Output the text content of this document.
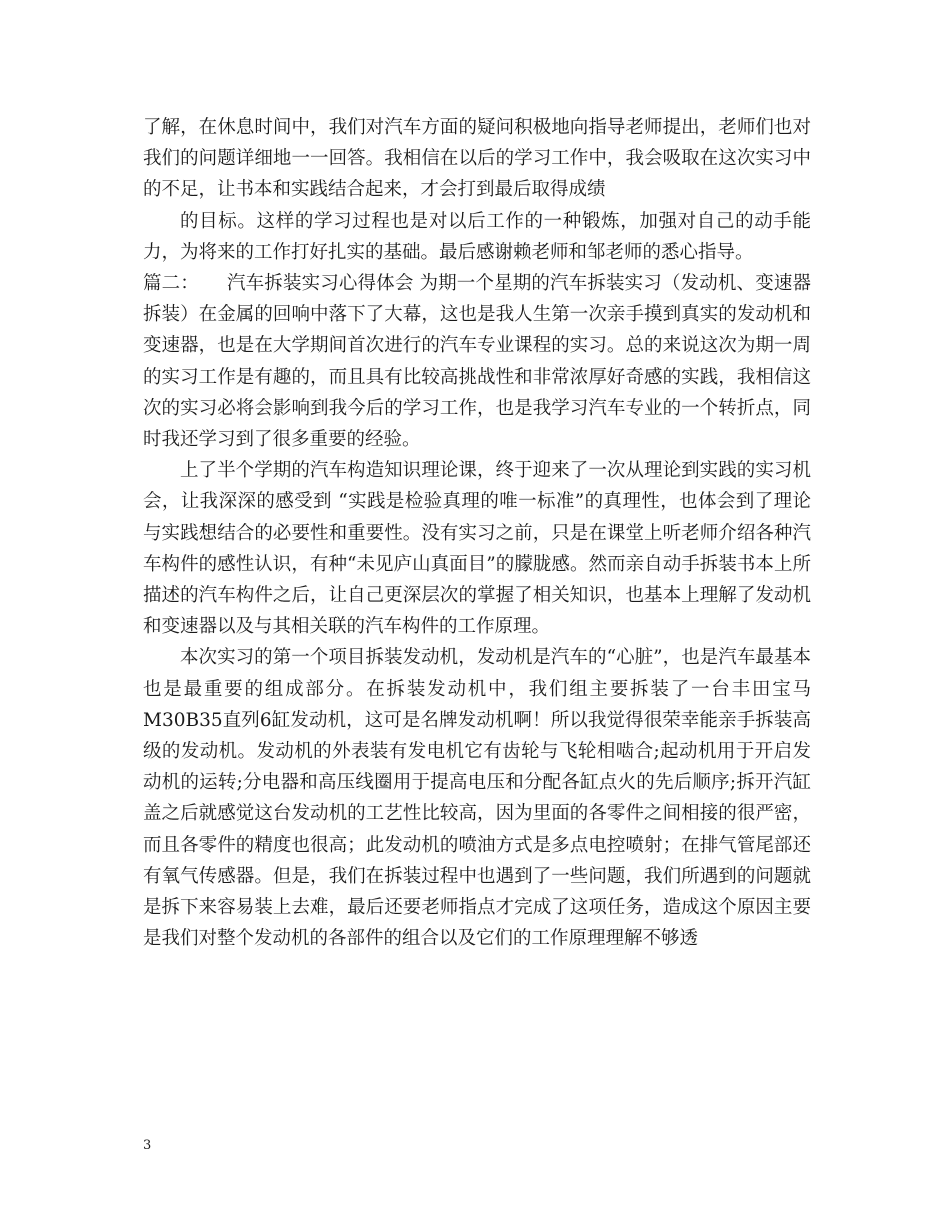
了解，在休息时间中，我们对汽车方面的疑问积极地向指导老师提出，老师们也对我们的问题详细地一一回答。我相信在以后的学习工作中，我会吸取在这次实习中的不足，让书本和实践结合起来，才会打到最后取得成绩

的目标。这样的学习过程也是对以后工作的一种锻炼，加强对自己的动手能力，为将来的工作打好扎实的基础。最后感谢赖老师和邹老师的悉心指导。

篇二：　　汽车拆装实习心得体会 为期一个星期的汽车拆装实习（发动机、变速器拆装）在金属的回响中落下了大幕，这也是我人生第一次亲手摸到真实的发动机和变速器，也是在大学期间首次进行的汽车专业课程的实习。总的来说这次为期一周的实习工作是有趣的，而且具有比较高挑战性和非常浓厚好奇感的实践，我相信这次的实习必将会影响到我今后的学习工作，也是我学习汽车专业的一个转折点，同时我还学习到了很多重要的经验。

上了半个学期的汽车构造知识理论课，终于迎来了一次从理论到实践的实习机会，让我深深的感受到 “实践是检验真理的唯一标准”的真理性，也体会到了理论与实践想结合的必要性和重要性。没有实习之前，只是在课堂上听老师介绍各种汽车构件的感性认识，有种“未见庐山真面目”的朦胧感。然而亲自动手拆装书本上所描述的汽车构件之后，让自己更深层次的掌握了相关知识，也基本上理解了发动机和变速器以及与其相关联的汽车构件的工作原理。

本次实习的第一个项目拆装发动机，发动机是汽车的“心脏”，也是汽车最基本也是最重要的组成部分。在拆装发动机中，我们组主要拆装了一台丰田宝马M30B35直列6缸发动机，这可是名牌发动机啊！所以我觉得很荣幸能亲手拆装高级的发动机。发动机的外表装有发电机它有齿轮与飞轮相啮合;起动机用于开启发动机的运转;分电器和高压线圈用于提高电压和分配各缸点火的先后顺序;拆开汽缸盖之后就感觉这台发动机的工艺性比较高，因为里面的各零件之间相接的很严密，而且各零件的精度也很高；此发动机的喷油方式是多点电控喷射；在排气管尾部还有氧气传感器。但是，我们在拆装过程中也遇到了一些问题，我们所遇到的问题就是拆下来容易装上去难，最后还要老师指点才完成了这项任务，造成这个原因主要是我们对整个发动机的各部件的组合以及它们的工作原理理解不够透

3
